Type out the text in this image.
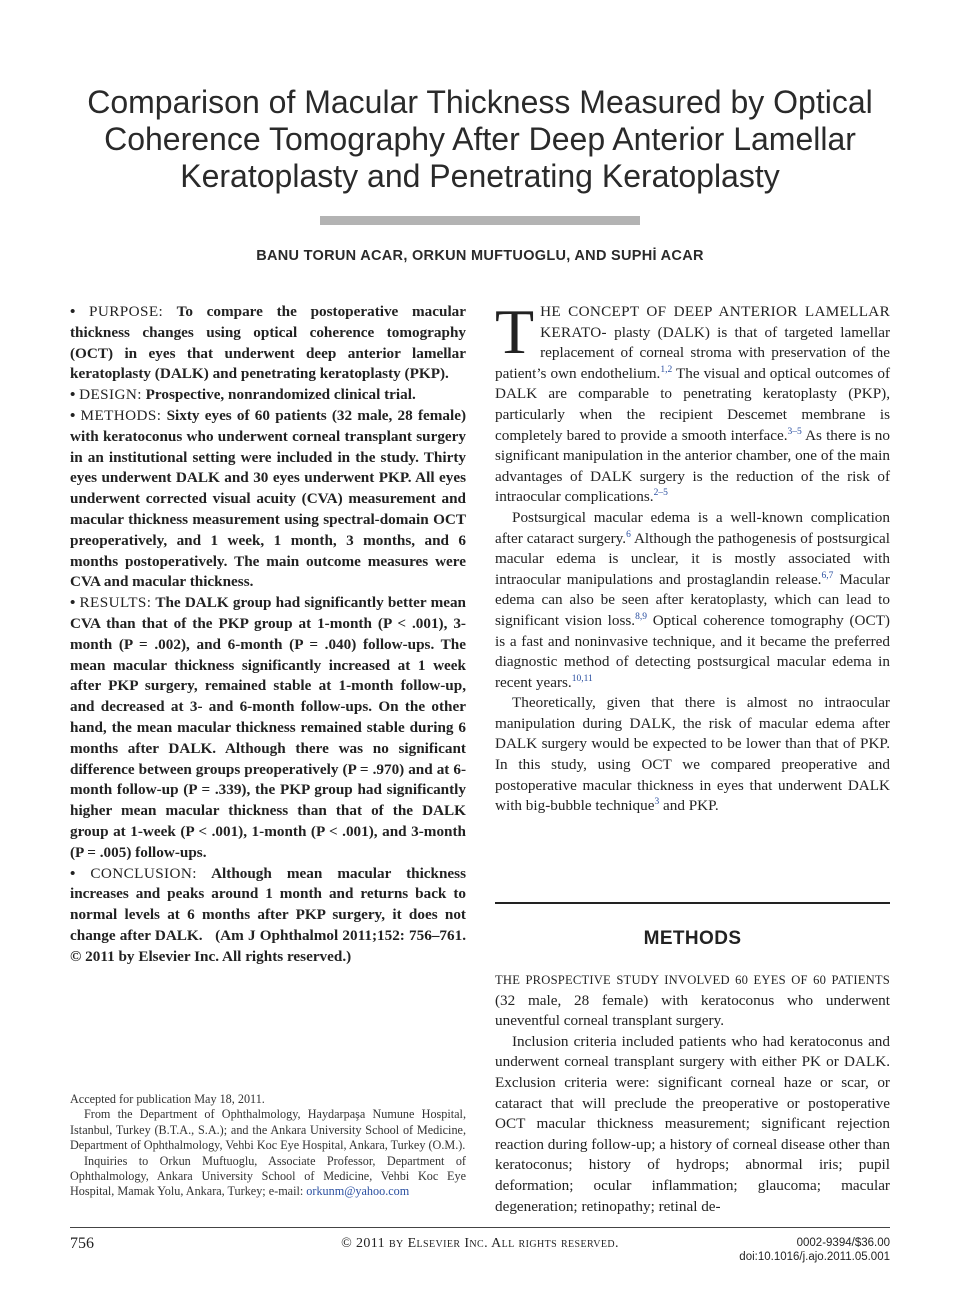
Comparison of Macular Thickness Measured by Optical
Coherence Tomography After Deep Anterior Lamellar
Keratoplasty and Penetrating Keratoplasty
BANU TORUN ACAR, ORKUN MUFTUOGLU, AND SUPHİ ACAR

• PURPOSE: To compare the postoperative macular thickness changes using optical coherence tomography (OCT) in eyes that underwent deep anterior lamellar keratoplasty (DALK) and penetrating keratoplasty (PKP).

• DESIGN: Prospective, nonrandomized clinical trial.

• METHODS: Sixty eyes of 60 patients (32 male, 28 female) with keratoconus who underwent corneal transplant surgery in an institutional setting were included in the study. Thirty eyes underwent DALK and 30 eyes underwent PKP. All eyes underwent corrected visual acuity (CVA) measurement and macular thickness measurement using spectral-domain OCT preoperatively, and 1 week, 1 month, 3 months, and 6 months postoperatively. The main outcome measures were CVA and macular thickness.

• RESULTS: The DALK group had significantly better mean CVA than that of the PKP group at 1-month (P < .001), 3-month (P = .002), and 6-month (P = .040) follow-ups. The mean macular thickness significantly increased at 1 week after PKP surgery, remained stable at 1-month follow-up, and decreased at 3- and 6-month follow-ups. On the other hand, the mean macular thickness remained stable during 6 months after DALK. Although there was no significant difference between groups preoperatively (P = .970) and at 6-month follow-up (P = .339), the PKP group had significantly higher mean macular thickness than that of the DALK group at 1-week (P < .001), 1-month (P < .001), and 3-month (P = .005) follow-ups.

• CONCLUSION: Although mean macular thickness increases and peaks around 1 month and returns back to normal levels at 6 months after PKP surgery, it does not change after DALK. (Am J Ophthalmol 2011;152: 756–761. © 2011 by Elsevier Inc. All rights reserved.)

Accepted for publication May 18, 2011.

From the Department of Ophthalmology, Haydarpaşa Numune Hospital, Istanbul, Turkey (B.T.A., S.A.); and the Ankara University School of Medicine, Department of Ophthalmology, Vehbi Koc Eye Hospital, Ankara, Turkey (O.M.).

Inquiries to Orkun Muftuoglu, Associate Professor, Department of Ophthalmology, Ankara University School of Medicine, Vehbi Koc Eye Hospital, Mamak Yolu, Ankara, Turkey; e-mail: orkunm@yahoo.com

THE CONCEPT OF DEEP ANTERIOR LAMELLAR KERATO- plasty (DALK) is that of targeted lamellar replacement of corneal stroma with preservation of the patient’s own endothelium.$^{1,2}$ The visual and optical outcomes of DALK are comparable to penetrating keratoplasty (PKP), particularly when the recipient Descemet membrane is completely bared to provide a smooth interface.$^{3-5}$ As there is no significant manipulation in the anterior chamber, one of the main advantages of DALK surgery is the reduction of the risk of intraocular complications.$^{2-5}$

Postsurgical macular edema is a well-known complication after cataract surgery.$^6$ Although the pathogenesis of postsurgical macular edema is unclear, it is mostly associated with intraocular manipulations and prostaglandin release.$^{6,7}$ Macular edema can also be seen after keratoplasty, which can lead to significant vision loss.$^{8,9}$ Optical coherence tomography (OCT) is a fast and noninvasive technique, and it became the preferred diagnostic method of detecting postsurgical macular edema in recent years.$^{10,11}$

Theoretically, given that there is almost no intraocular manipulation during DALK, the risk of macular edema after DALK surgery would be expected to be lower than that of PKP. In this study, using OCT we compared preoperative and postoperative macular thickness in eyes that underwent DALK with big-bubble technique$^3$ and PKP.

METHODS

THE PROSPECTIVE STUDY INVOLVED 60 EYES OF 60 PATIENTS (32 male, 28 female) with keratoconus who underwent uneventful corneal transplant surgery.

Inclusion criteria included patients who had keratoconus and underwent corneal transplant surgery with either PK or DALK. Exclusion criteria were: significant corneal haze or scar, or cataract that will preclude the preoperative or postoperative OCT macular thickness measurement; significant rejection reaction during follow-up; a history of corneal disease other than keratoconus; history of hydrops; abnormal iris; pupil deformation; ocular inflammation; glaucoma; macular degeneration; retinopathy; retinal de-

756	© 2011 by Elsevier Inc. All rights reserved.	0002-9394/$36.00
doi:10.1016/j.ajo.2011.05.001
